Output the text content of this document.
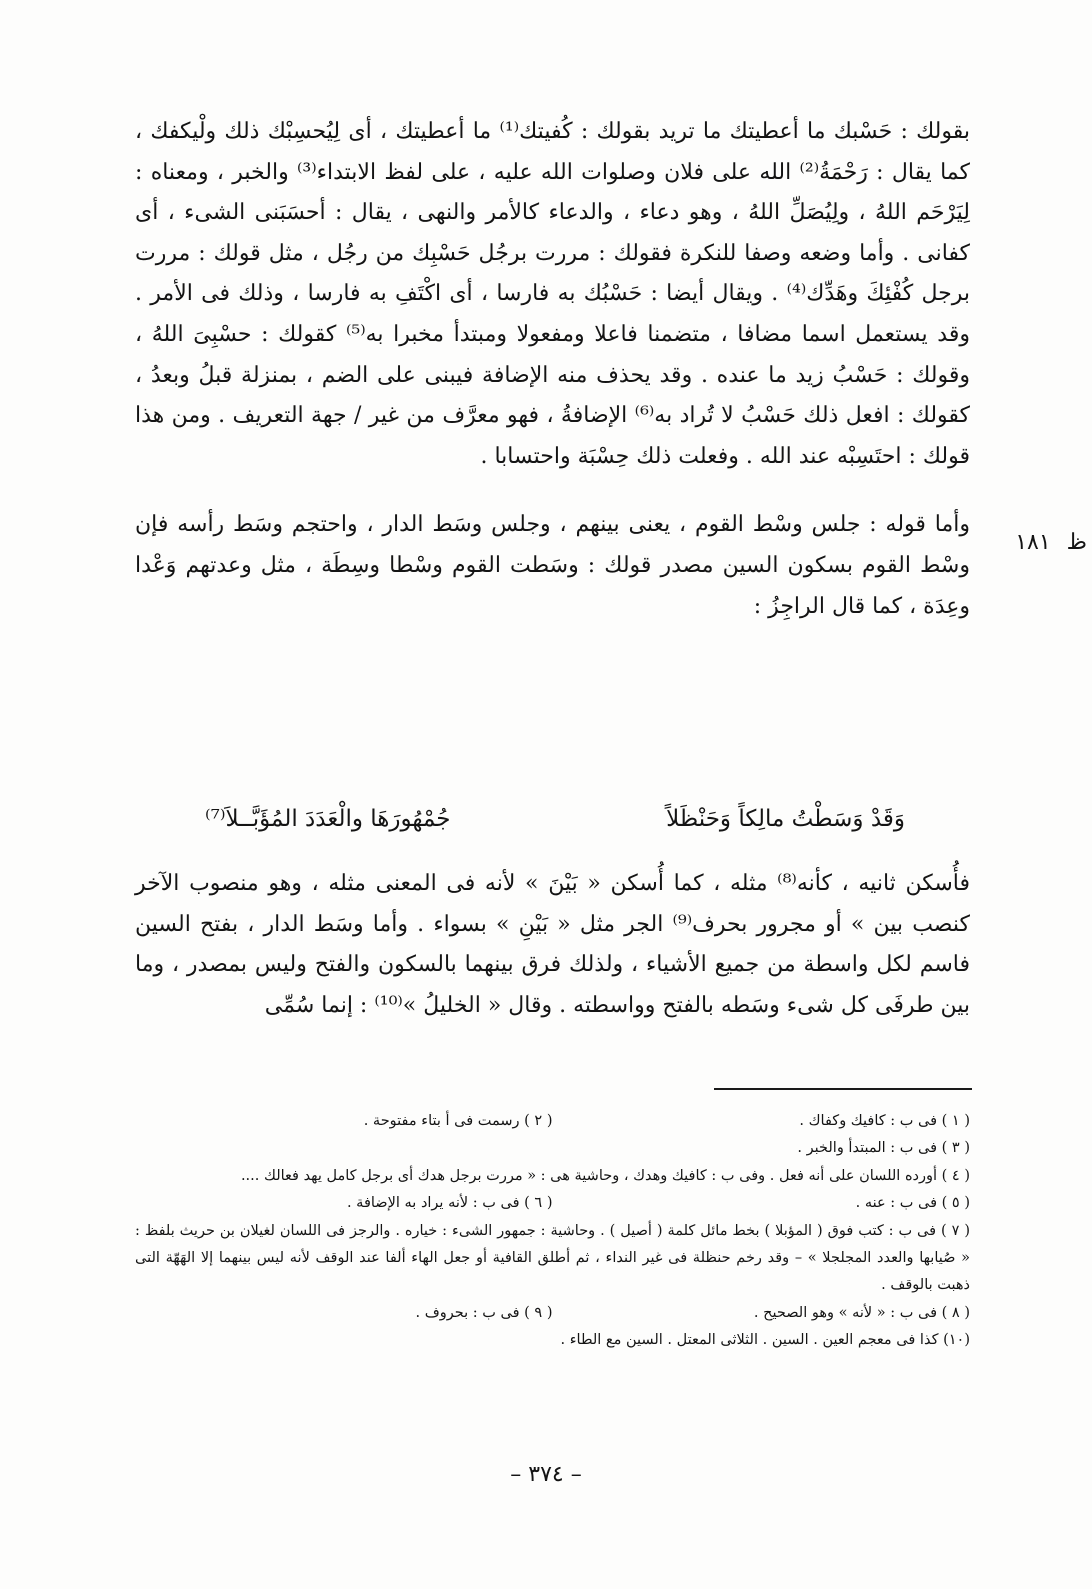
ظ
١٨١

بقولك : حَسْبك ما أعطيتك ما تريد بقولك : كُفيتك⁽¹⁾ ما أعطيتك ، أى لِيُحسِبْك ذلك ولْيكفك ، كما يقال : رَحْمَةُ⁽²⁾ الله على فلان وصلوات الله عليه ، على لفظ الابتداء⁽³⁾ والخبر ، ومعناه : لِيَرْحَم اللهُ ، ولِيُصَلِّ اللهُ ، وهو دعاء ، والدعاء كالأمر والنهى ، يقال : أحسَبَنى الشىء ، أى كفانى . وأما وضعه وصفا للنكرة فقولك : مررت برجُل حَسْبِك من رجُل ، مثل قولك : مررت برجل كُفْئِكَ وهَدِّك⁽⁴⁾ . ويقال أيضا : حَسْبُك به فارسا ، أى اكْتَفِ به فارسا ، وذلك فى الأمر . وقد يستعمل اسما مضافا ، متضمنا فاعلا ومفعولا ومبتدأ مخبرا به⁽⁵⁾ كقولك : حسْبِىَ اللهُ ، وقولك : حَسْبُ زيد ما عنده . وقد يحذف منه الإضافة فيبنى على الضم ، بمنزلة قبلُ وبعدُ ، كقولك : افعل ذلك حَسْبُ لا تُراد به⁽⁶⁾ الإضافةُ ، فهو معرَّف من غير / جهة التعريف . ومن هذا قولك : احتَسِبْه عند الله . وفعلت ذلك حِسْبَة واحتسابا .

وأما قوله : جلس وسْط القوم ، يعنى بينهم ، وجلس وسَط الدار ، واحتجم وسَط رأسه فإن وسْط القوم بسكون السين مصدر قولك : وسَطت القوم وسْطا وسِطَة ، مثل وعدتهم وَعْدا وعِدَة ، كما قال الراجِزُ :

وَقَدْ وَسَطْتُ مالِكاً وَحَنْظَلاً
جُمْهُورَهَا والْعَدَدَ المُؤَبَّــلاَ⁽⁷⁾

فأُسكن ثانيه ، كأنه⁽⁸⁾ مثله ، كما أُسكن « بَيْنَ » لأنه فى المعنى مثله ، وهو منصوب الآخر كنصب بين » أو مجرور بحرف⁽⁹⁾ الجر مثل « بَيْنِ » بسواء . وأما وسَط الدار ، بفتح السين فاسم لكل واسطة من جميع الأشياء ، ولذلك فرق بينهما بالسكون والفتح وليس بمصدر ، وما بين طرفَى كل شىء وسَطه بالفتح وواسطته . وقال « الخليلُ »⁽¹⁰⁾ : إنما سُمِّى

( ١ ) فى ب : كافيك وكفاك .
( ٢ ) رسمت فى أ بتاء مفتوحة .
( ٣ ) فى ب : المبتدأ والخبر .
( ٤ ) أورده اللسان على أنه فعل . وفى ب : كافيك وهدك ، وحاشية هى : « مررت برجل هدك أى برجل كامل يهد فعالك ....
( ٥ ) فى ب : عنه .
( ٦ ) فى ب : لأنه يراد به الإضافة .
( ٧ ) فى ب : كتب فوق ( المؤبلا ) بخط مائل كلمة ( أصيل ) . وحاشية : جمهور الشىء : خياره . والرجز فى اللسان لغيلان بن حريث بلفظ : « صُيابها والعدد المجلجلا » – وقد رخم حنظلة فى غير النداء ، ثم أطلق القافية أو جعل الهاء ألفا عند الوقف لأنه ليس بينهما إلا الهَهّة التى ذهبت بالوقف .
( ٨ ) فى ب : « لأنه » وهو الصحيح .
( ٩ ) فى ب : بحروف .
(١٠) كذا فى معجم العين . السين . الثلاثى المعتل . السين مع الطاء .
– ٣٧٤ –
